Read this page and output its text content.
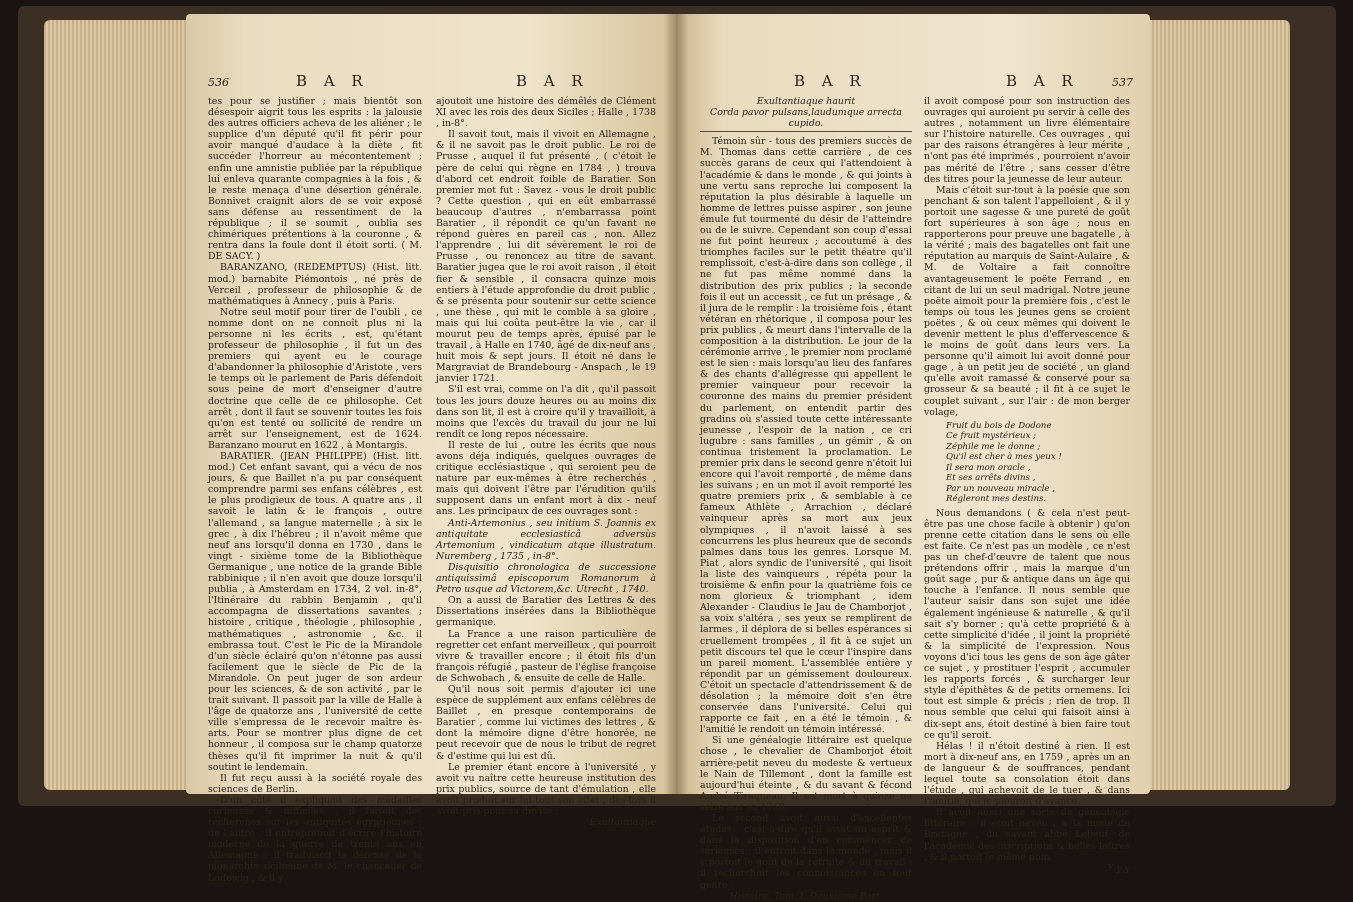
536	B A R	B A R

tes pour se justifier ; mais bientôt son désespoir aigrit tous les esprits : la jalousie des autres officiers acheva de les aliéner ; le supplice d'un député qu'il fit périr pour avoir manqué d'audace à la diète , fit succéder l'horreur au mécontentement ; enfin une amnistie publiée par la république lui enleva quarante compagnies à la fois , & le reste menaça d'une désertion générale. Bonnivet craignit alors de se voir exposé sans défense au ressentiment de la république ; il se soumit , oublia ses chimériques prétentions à la couronne , & rentra dans la foule dont il étoit sorti. ( M. DE SACY. )

BARANZANO, (REDEMPTUS) (Hist. litt. mod.) barnabite Piémontois , né près de Verceil , professeur de philosophie & de mathématiques à Annecy , puis à Paris.

Notre seul motif pour tirer de l'oubli , ce nomme dont on ne connoît plus ni la personne ni les écrits , est, qu'étant professeur de philosophie , il fut un des premiers qui ayent eu le courage d'abandonner la philosophie d'Aristote , vers le temps où le parlement de Paris défendoit sous peine de mort d'enseigner d'autre doctrine que celle de ce philosophe. Cet arrêt , dont il faut se souvenir toutes les fois qu'on est tenté ou sollicité de rendre un arrêt sur l'enseignement, est de 1624. Baranzano mourut en 1622 , à Montargis.

BARATIER. (JEAN PHILIPPE) (Hist. litt. mod.) Cet enfant savant, qui a vécu de nos jours, & que Baillet n'a pu par conséquent comprendre parmi ses enfans célèbres , est le plus prodigieux de tous. A quatre ans , il savoit le latin & le françois , outre l'allemand , sa langue maternelle ; à six le grec , à dix l'hébreu ; il n'avoit même que neuf ans lorsqu'il donna en 1730 , dans le vingt - sixième tome de la Bibliothèque Germanique , une notice de la grande Bible rabbinique ; il n'en avoit que douze lorsqu'il publia , à Amsterdam en 1734, 2 vol. in-8°, l'Itinéraire du rabbin Benjamin , qu'il accompagna de dissertations savantes ; histoire , critique , théologie , philosophie , mathématiques , astronomie , &c. il embrassa tout. C'est le Pic de la Mirandole d'un siècle éclairé qu'on n'étonne pas aussi facilement que le siècle de Pic de la Mirandole. On peut juger de son ardeur pour les sciences, & de son activité , par le trait suivant. Il passoit par la ville de Halle à l'âge de quatorze ans , l'université de cette ville s'empressa de le recevoir maître ès-arts. Pour se montrer plus digne de cet honneur , il composa sur le champ quatorze thèses qu'il fit imprimer la nuit & qu'il soutint le lendemain.

Il fut reçu aussi à la société royale des sciences de Berlin.

D'un côté il expliquoit des médailles curieuses & difficiles , il faisoit des recherches sur les antiquités égyptiennes ; de l'autre , il entreprenoit d'écrire l'histoire moderne de la guerre de trente ans en Allemagne ; il traduisoit la défense de la monarchie sicilienne de M. le chancelier de Ludewig , & il y

ajoutoit une histoire des démêlés de Clément XI avec les rois des deux Siciles ; Halle , 1738 , in-8°.

Il savoit tout, mais il vivoit en Allemagne , & il ne savoit pas le droit public. Le roi de Prusse , auquel il fut présenté , ( c'étoit le père de celui qui règne en 1784 , ) trouva d'abord cet endroit foible de Baratier. Son premier mot fut : Savez - vous le droit public ? Cette question , qui en eût embarrassé beaucoup d'autres , n'embarrassa point Baratier , il répondit ce qu'un favant ne répond guères en pareil cas , non. Allez l'apprendre , lui dit sévèrement le roi de Prusse , ou renoncez au titre de savant. Baratier jugea que le roi avoit raison , il étoit fier & sensible , il consacra quinze mois entiers à l'étude approfondie du droit public , & se présenta pour soutenir sur cette science , une thèse , qui mit le comble à sa gloire , mais qui lui coûta peut-être la vie , car il mourut peu de temps après, épuisé par le travail , à Halle en 1740, âgé de dix-neuf ans , huit mois & sept jours. Il étoit né dans le Margraviat de Brandebourg - Anspach , le 19 janvier 1721.

S'il est vrai, comme on l'a dit , qu'il passoit tous les jours douze heures ou au moins dix dans son lit, il est à croire qu'il y travailloit, à moins que l'excès du travail du jour ne lui rendît ce long repos nécessaire.

Il reste de lui , outre les écrits que nous avons déja indiqués, quelques ouvrages de critique ecclésiastique , qui seroient peu de nature par eux-mêmes à être recherchés , mais qui doivent l'être par l'érudition qu'ils supposent dans un enfant mort à dix - neuf ans. Les principaux de ces ouvrages sont :

Anti-Artemonius , seu initium S. Joannis ex antiquitate ecclesiasticâ adversùs Artemonium , vindicatum atque illustratum. Nuremberg , 1735 , in-8°.

Disquisitio chronologica de successione antiquissimâ episcoporum Romanorum à Petro usque ad Victorem,&c. Utrecht , 1740.

On a aussi de Baratier des Lettres & des Dissertations insérées dans la Bibliothèque germanique.

La France a une raison particulière de regretter cet enfant merveilleux , qui pourroit vivre & travailler encore ; il étoit fils d'un françois réfugié , pasteur de l'église françoise de Schwobach , & ensuite de celle de Halle.

Qu'il nous soit permis d'ajouter ici une espèce de supplément aux enfans célèbres de Baillet , en presque contemporains de Baratier , comme lui victimes des lettres , & dont la mémoire digne d'être honorée, ne peut recevoir que de nous le tribut de regret & d'estime qui lui est dû.

Le premier étant encore à l'université , y avoit vu naître cette heureuse institution des prix publics, source de tant d'émulation , elle avoit produit sur lui tout son effet , dès-lors il avoit pris pour sa devise :

Exultantiaque

B A R	B A R	537

Exultantiaque haurit

Corda pavor pulsans,laudumque arrecta cupido.

Témoin sûr - tous des premiers succès de M. Thomas dans cette carrière , de ces succès garans de ceux qui l'attendoient à l'académie & dans le monde , & qui joints à une vertu sans reproche lui composent la réputation la plus désirable à laquelle un homme de lettres puisse aspirer , son jeune émule fut tourmenté du désir de l'atteindre ou de le suivre. Cependant son coup d'essai ne fut point heureux ; accoutumé à des triomphes faciles sur le petit théatre qu'il remplissoit, c'est-à-dire dans son collège , il ne fut pas même nommé dans la distribution des prix publics ; la seconde fois il eut un accessit , ce fut un présage , & il jura de le remplir : la troisième fois , étant vétéran en rhétorique , il composa pour les prix publics , & meurt dans l'intervalle de la composition à la distribution. Le jour de la cérémonie arrive , le premier nom proclamé est le sien : mais lorsqu'au lieu des fanfares & des chants d'allégresse qui appellent le premier vainqueur pour recevoir la couronne des mains du premier président du parlement, on entendit partir des gradins où s'assied toute cette intéressante jeunesse , l'espoir de la nation , ce cri lugubre : sans familles , un gémir , & on continua tristement la proclamation. Le premier prix dans le second genre n'étoit lui encore qui l'avoit remporté , de même dans les suivans ; en un mot il avoit remporté les quatre premiers prix , & semblable à ce fameux Athlète , Arrachion , déclaré vainqueur après sa mort aux jeux olympiques , il n'avoit laissé à ses concurrens les plus heureux que de seconds palmes dans tous les genres. Lorsque M. Piat , alors syndic de l'université , qui lisoit la liste des vainqueurs , répéta pour la troisième & enfin pour la quatrième fois ce nom glorieux & triomphant , idem Alexander - Claudius le Jau de Chamborjot , sa voix s'altéra , ses yeux se remplirent de larmes , il déplora de si belles espérances si cruellement trompées , il fit à ce sujet un petit discours tel que le cœur l'inspire dans un pareil moment. L'assemblée entière y répondit par un gémissement douloureux. C'étoit un spectacle d'attendrissement & de désolation ; la mémoire doit s'en être conservée dans l'université. Celui qui rapporte ce fait , en a été le témoin , & l'amitié le rendoit un témoin intéressé.

Si une généalogie littéraire est quelque chose , le chevalier de Chamborjot étoit arrière-petit neveu du modeste & vertueux le Nain de Tillemont , dont la famille est aujourd'hui éteinte , & du savant & fécond André Tiraqueau. Il est mort à quinze ou seize ans en 1750.

Le second avoit aussi d'excellentes études , c'est-à-dire qu'il avoit un esprit & dans la disposition d'en commencer de sérieuses ; il entroit dans le monde , mais il y portoit le goût de la retraite & du travail ; il recherchoit les connoissances en tout genre ;

Histoire, Tom. I, Deuxième Part.

il avoit composé pour son instruction des ouvrages qui auroient pu servir à celle des autres , notamment un livre élémentaire sur l'histoire naturelle. Ces ouvrages , qui par des raisons étrangères à leur mérite , n'ont pas été imprimés , pourroient n'avoir pas mérité de l'être , sans cesser d'être des titres pour la jeunesse de leur auteur.

Mais c'étoit sur-tout à la poésie que son penchant & son talent l'appelloient , & il y portoit une sagesse & une pureté de goût fort supérieures à son âge ; nous en rapporterons pour preuve une bagatelle , à la vérité ; mais des bagatelles ont fait une réputation au marquis de Saint-Aulaire , & M. de Voltaire a fait connoître avantageusement le poëte Ferrand , en citant de lui un seul madrigal. Notre jeune poëte aimoit pour la première fois , c'est le temps où tous les jeunes gens se croient poëtes , & où ceux mêmes qui doivent le devenir mettent le plus d'effervescence & le moins de goût dans leurs vers. La personne qu'il aimoit lui avoit donné pour gage , à un petit jeu de société , un gland qu'elle avoit ramassé & conservé pour sa grosseur & sa beauté ; il fit à ce sujet le couplet suivant , sur l'air : de mon berger volage,

Fruit du bois de Dodone
Ce fruit mystérieux ;
Zéphile me le donne ;
Qu'il est cher à mes yeux !
Il sera mon oracle ,
Et ses arrêts divins ,
Par un nouveau miracle ,
Régleront mes destins.

Nous demandons ( & cela n'est peut-être pas une chose facile à obtenir ) qu'on prenne cette citation dans le sens où elle est faite. Ce n'est pas un modèle , ce n'est pas un chef-d'œuvre de talent que nous prétendons offrir , mais la marque d'un goût sage , pur & antique dans un âge qui touche à l'enfance. Il nous semble que l'auteur saisir dans son sujet une idée également ingénieuse & naturelle , & qu'il sait s'y borner ; qu'à cette propriété & à cette simplicité d'idée , il joint la propriété & la simplicité de l'expression. Nous voyons d'ici tous les gens de son âge gâter ce sujet , y prostituer l'esprit , accumuler les rapports forcés , & surcharger leur style d'épithètes & de petits ornemens. Ici tout est simple & précis ; rien de trop. Il nous semble que celui qui faisoit ainsi à dix-sept ans, étoit destiné à bien faire tout ce qu'il seroit.

Hélas ! il n'étoit destiné à rien. Il est mort à dix-neuf ans, en 1759 , après un an de langueur & de souffrances, pendant lequel toute sa consolation étoit dans l'étude , qui achevoit de le tuer , & dans l'amitié, qui le pleuroit d'avance.

Il avoit aussi une sorte de généalogie littéraire : il étoit neveu , à la mode de Bretagne , du savant abbé Lebeuf, de l'académie des inscriptions & belles-lettres , & il portoit le même nom.

Y y y
